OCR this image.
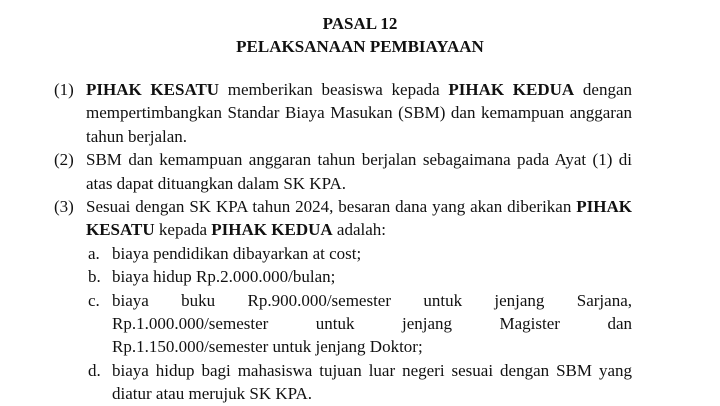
PASAL 12

PELAKSANAAN PEMBIAYAAN

(1) PIHAK KESATU memberikan beasiswa kepada PIHAK KEDUA dengan mempertimbangkan Standar Biaya Masukan (SBM) dan kemampuan anggaran tahun berjalan.
(2) SBM dan kemampuan anggaran tahun berjalan sebagaimana pada Ayat (1) di atas dapat dituangkan dalam SK KPA.
(3) Sesuai dengan SK KPA tahun 2024, besaran dana yang akan diberikan PIHAK KESATU kepada PIHAK KEDUA adalah:
a. biaya pendidikan dibayarkan at cost;
b. biaya hidup Rp.2.000.000/bulan;
c. biaya buku Rp.900.000/semester untuk jenjang Sarjana,
Rp.1.000.000/semester untuk jenjang Magister dan
Rp.1.150.000/semester untuk jenjang Doktor;
d. biaya hidup bagi mahasiswa tujuan luar negeri sesuai dengan SBM yang diatur atau merujuk SK KPA.
